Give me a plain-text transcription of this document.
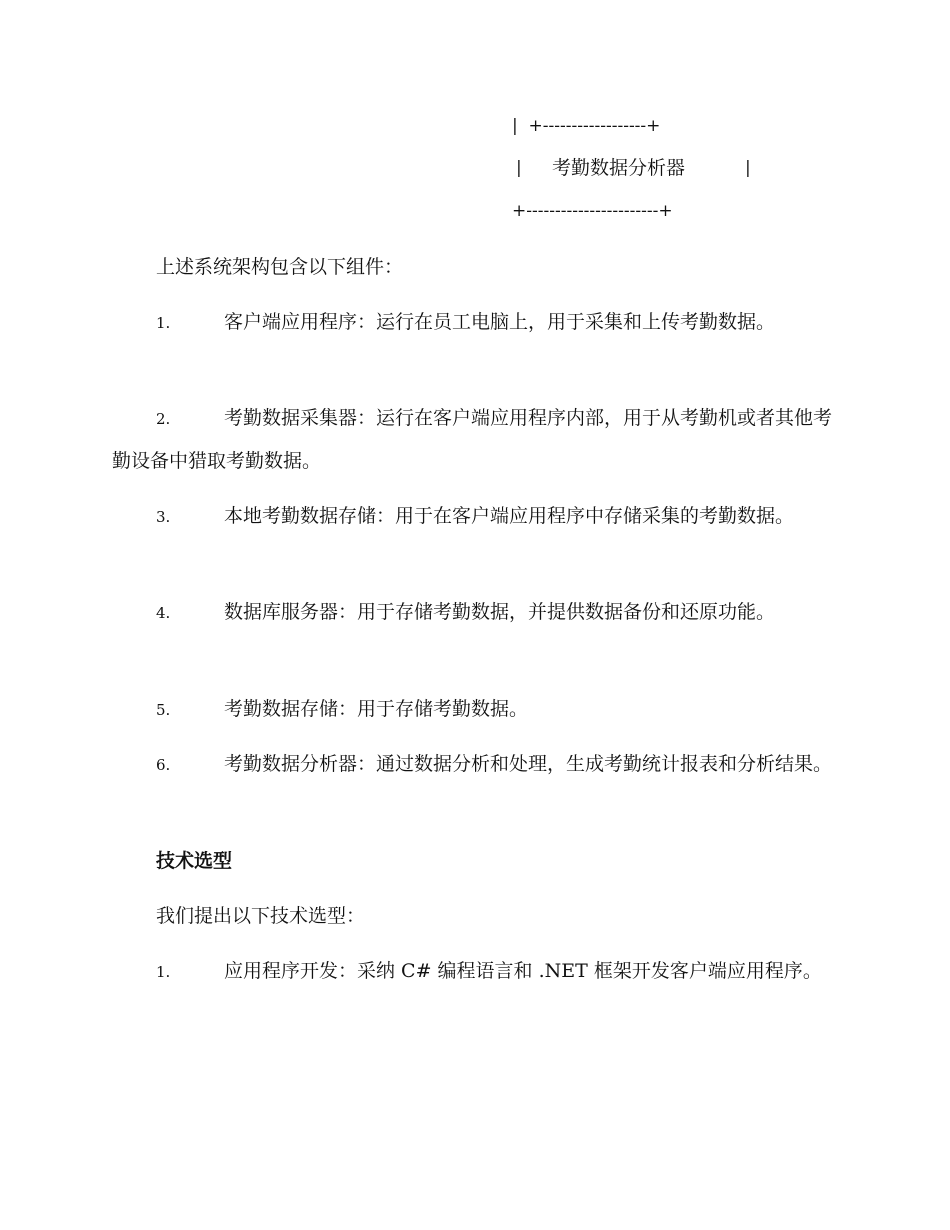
|  +------------------+

|

考勤数据分析器

	|

+-----------------------+

上述系统架构包含以下组件：

1.	客户端应用程序：运行在员工电脑上，用于采集和上传考勤数据。

2.	考勤数据采集器：运行在客户端应用程序内部，用于从考勤机或者其他考勤设备中猎取考勤数据。

3.	本地考勤数据存储：用于在客户端应用程序中存储采集的考勤数据。

4.	数据库服务器：用于存储考勤数据，并提供数据备份和还原功能。

5.	考勤数据存储：用于存储考勤数据。

6.	考勤数据分析器：通过数据分析和处理，生成考勤统计报表和分析结果。

技术选型

我们提出以下技术选型：

1.	应用程序开发：采纳 C# 编程语言和 .NET 框架开发客户端应用程序。
